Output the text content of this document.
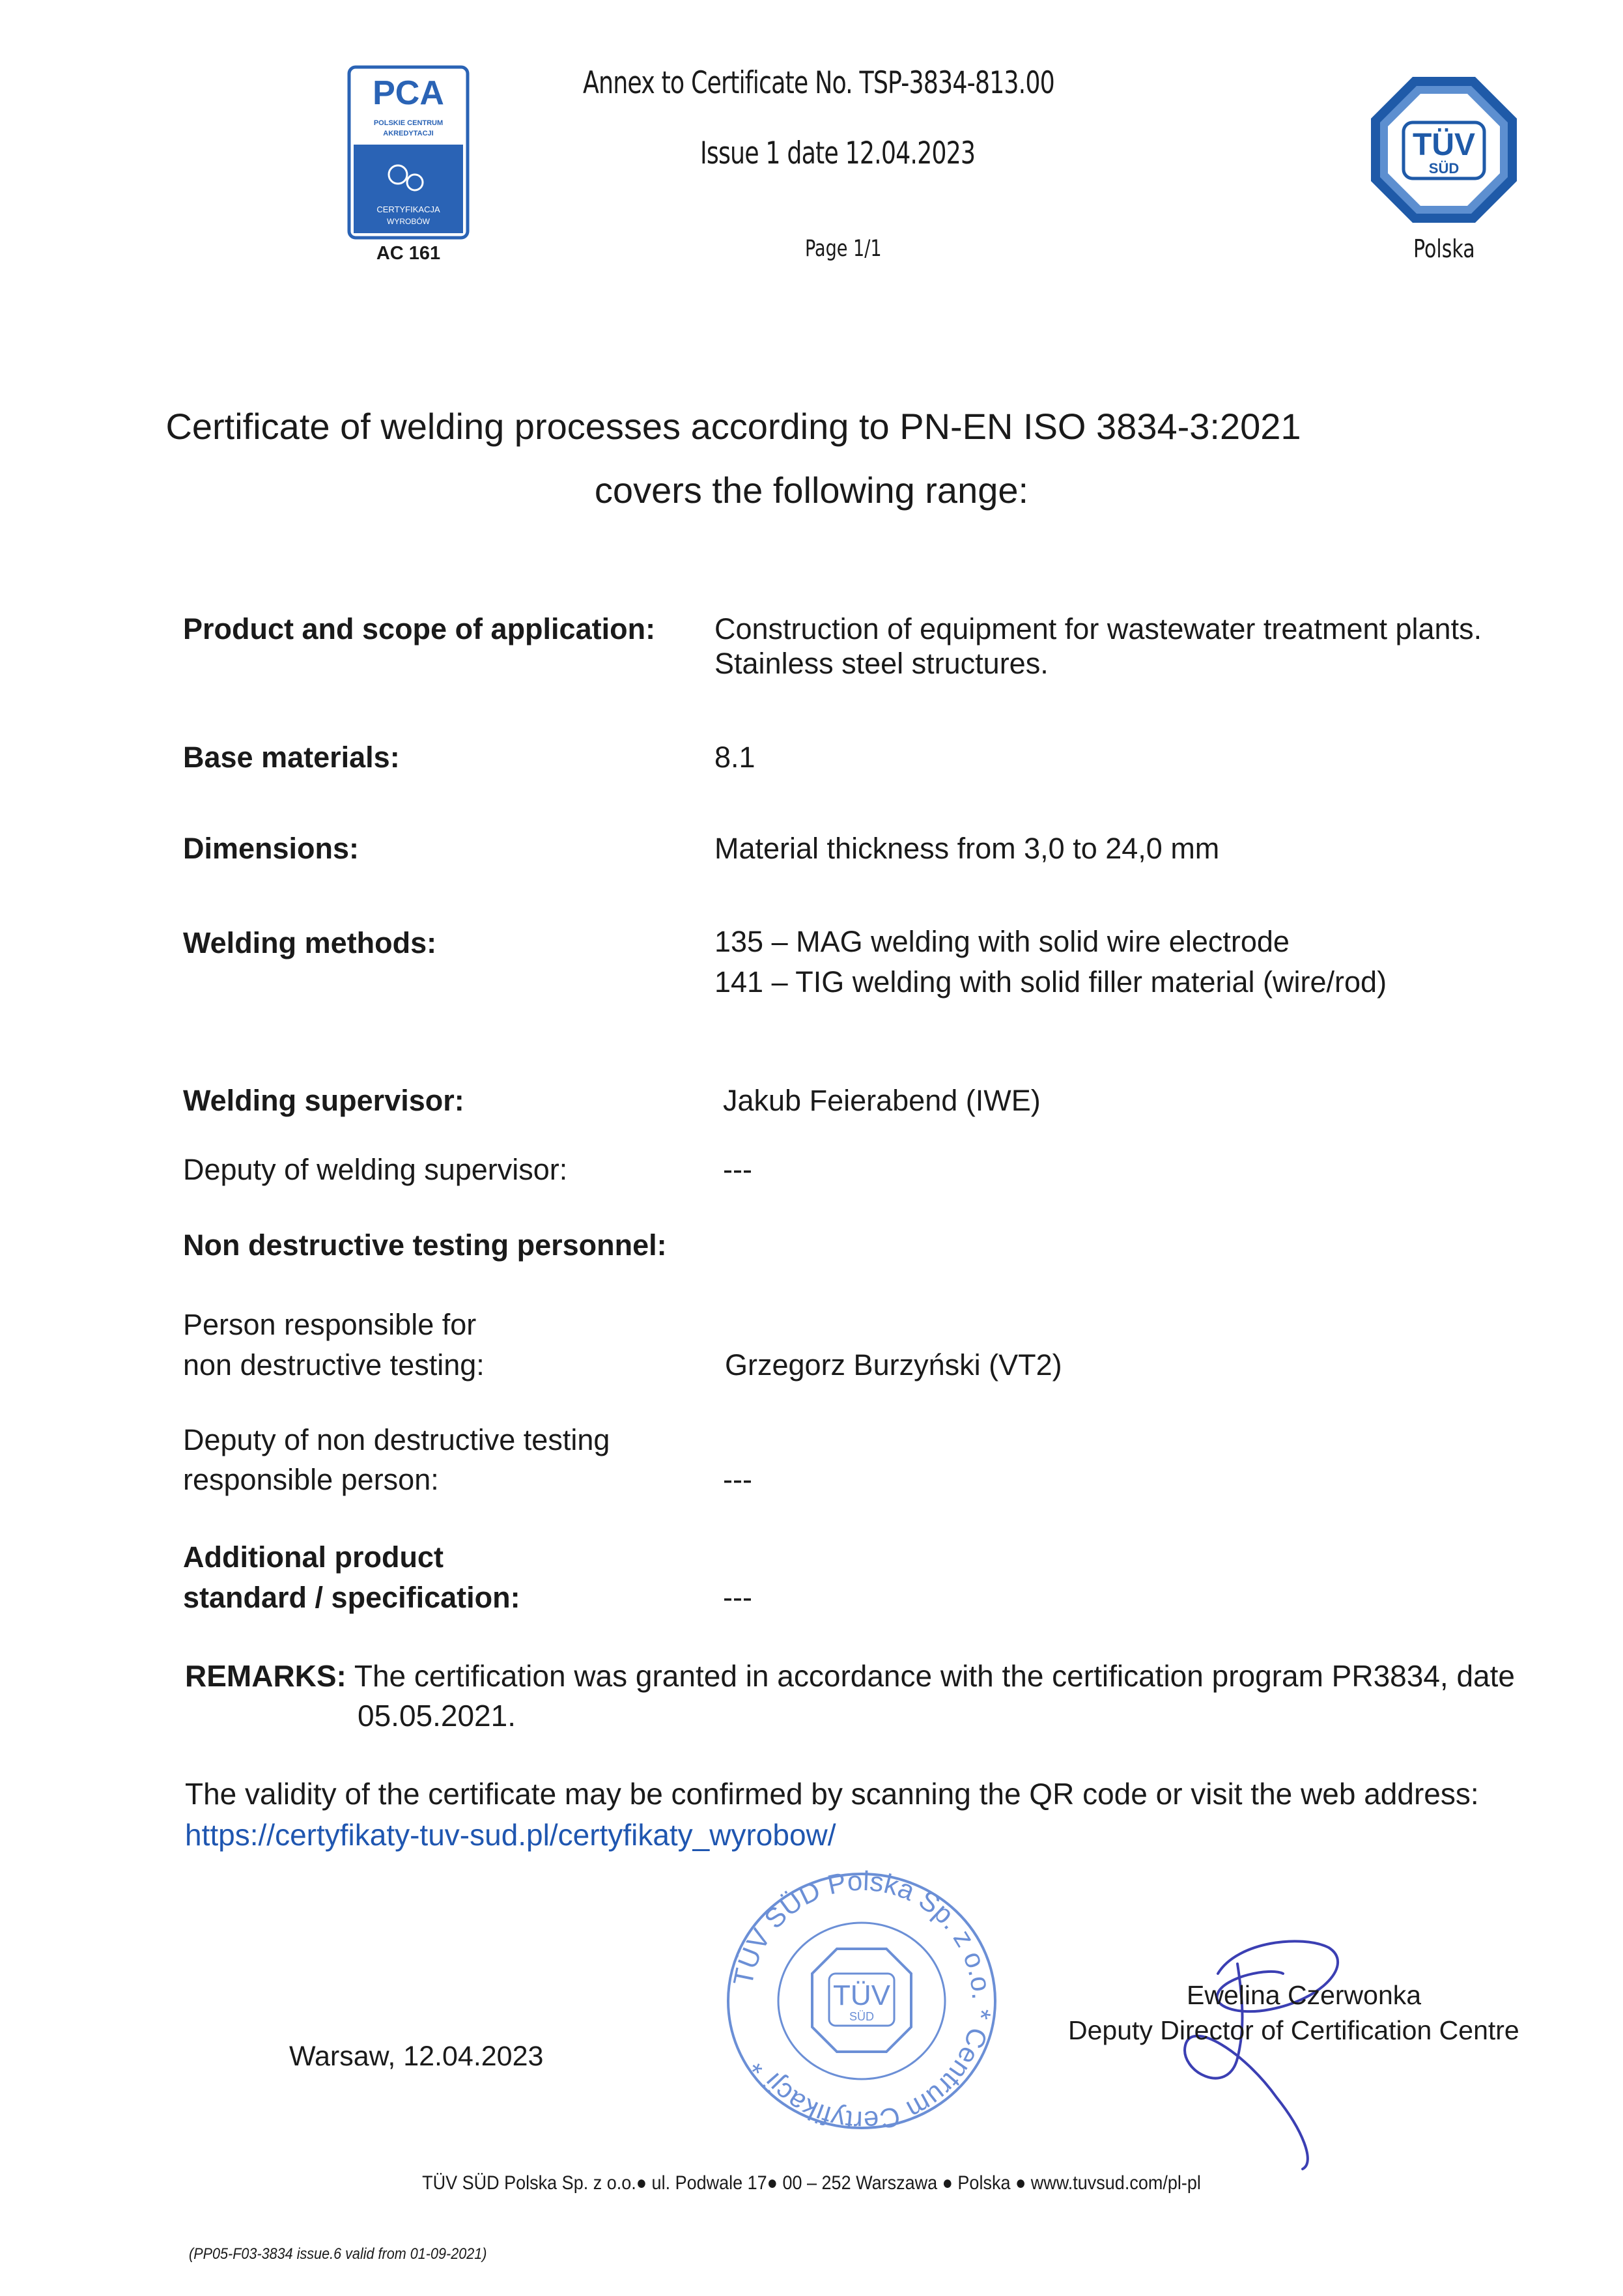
PCA
POLSKIE CENTRUM
AKREDYTACJI
CERTYFIKACJA
WYROBÓW
AC 161
Annex to Certificate No. TSP-3834-813.00
Issue 1 date 12.04.2023
Page 1/1
TÜV
SÜD
Polska
Certificate of welding processes according to PN-EN ISO 3834-3:2021
covers the following range:
Product and scope of application: Construction of equipment for wastewater treatment plants.
Stainless steel structures.
Base materials:	8.1
Dimensions:	Material thickness from 3,0 to 24,0 mm
Welding methods:	135 – MAG welding with solid wire electrode
141 – TIG welding with solid filler material (wire/rod)
Welding supervisor:	Jakub Feierabend (IWE)
Deputy of welding supervisor:	---
Non destructive testing personnel:
Person responsible for
non destructive testing:	Grzegorz Burzyński (VT2)
Deputy of non destructive testing
responsible person:	---
Additional product
standard / specification:	---
REMARKS: The certification was granted in accordance with the certification program PR3834, date
05.05.2021.
The validity of the certificate may be confirmed by scanning the QR code or visit the web address:
https://certyfikaty-tuv-sud.pl/certyfikaty_wyrobow/
Warsaw, 12.04.2023
TÜV SÜD Polska Sp. z o.o. * Centrum Certyfikacji *
TÜV
SÜD
Ewelina Czerwonka
Deputy Director of Certification Centre
TÜV SÜD Polska Sp. z o.o.● ul. Podwale 17● 00 – 252 Warszawa ● Polska ● www.tuvsud.com/pl-pl
(PP05-F03-3834 issue.6 valid from 01-09-2021)
